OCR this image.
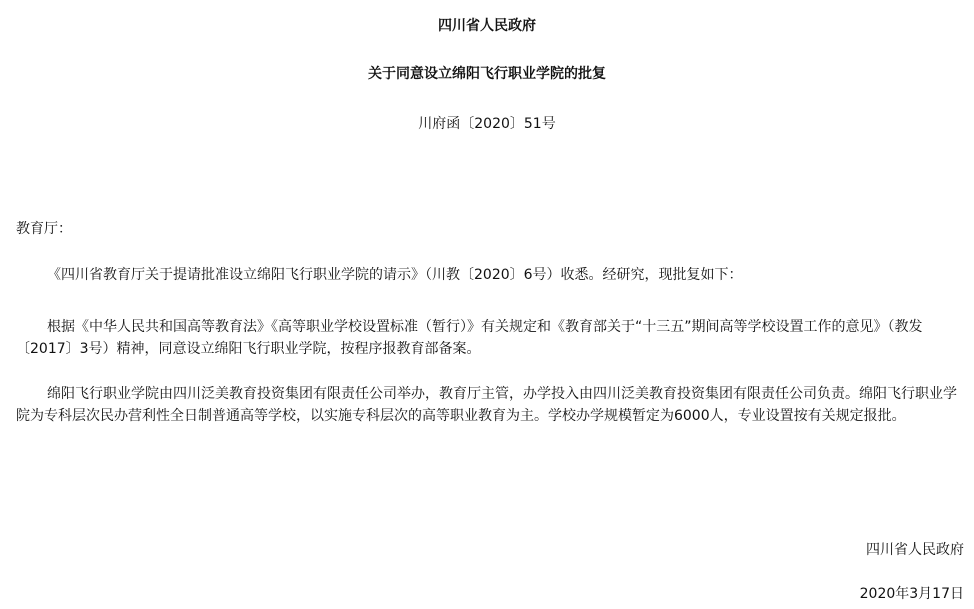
四川省人民政府
关于同意设立绵阳飞行职业学院的批复
川府函〔2020〕51号
教育厅：
《四川省教育厅关于提请批准设立绵阳飞行职业学院的请示》（川教〔2020〕6号）收悉。经研究，现批复如下：
根据《中华人民共和国高等教育法》《高等职业学校设置标准（暂行）》有关规定和《教育部关于“十三五”期间高等学校设置工作的意见》（教发〔2017〕3号）精神，同意设立绵阳飞行职业学院，按程序报教育部备案。
绵阳飞行职业学院由四川泛美教育投资集团有限责任公司举办，教育厅主管，办学投入由四川泛美教育投资集团有限责任公司负责。绵阳飞行职业学院为专科层次民办营利性全日制普通高等学校，以实施专科层次的高等职业教育为主。学校办学规模暂定为6000人，专业设置按有关规定报批。
四川省人民政府
2020年3月17日
